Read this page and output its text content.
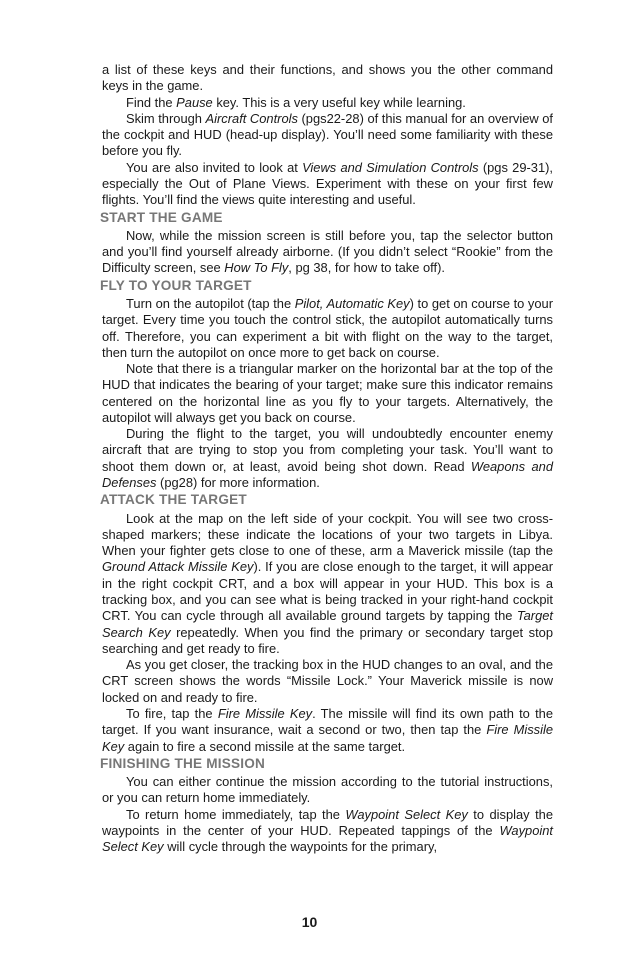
a list of these keys and their functions, and shows you the other command keys in the game.

Find the Pause key. This is a very useful key while learning.

Skim through Aircraft Controls (pgs22-28) of this manual for an overview of the cockpit and HUD (head-up display). You’ll need some familiarity with these before you fly.

You are also invited to look at Views and Simulation Controls (pgs 29-31), especially the Out of Plane Views. Experiment with these on your first few flights. You’ll find the views quite interesting and useful.

START THE GAME

Now, while the mission screen is still before you, tap the selector button and you’ll find yourself already airborne. (If you didn’t select “Rookie” from the Difficulty screen, see How To Fly, pg 38, for how to take off).

FLY TO YOUR TARGET

Turn on the autopilot (tap the Pilot, Automatic Key) to get on course to your target. Every time you touch the control stick, the autopilot automatically turns off. Therefore, you can experiment a bit with flight on the way to the target, then turn the autopilot on once more to get back on course.

Note that there is a triangular marker on the horizontal bar at the top of the HUD that indicates the bearing of your target; make sure this indicator remains centered on the horizontal line as you fly to your targets. Alternatively, the autopilot will always get you back on course.

During the flight to the target, you will undoubtedly encounter enemy aircraft that are trying to stop you from completing your task. You’ll want to shoot them down or, at least, avoid being shot down. Read Weapons and Defenses (pg28) for more information.

ATTACK THE TARGET

Look at the map on the left side of your cockpit. You will see two cross-shaped markers; these indicate the locations of your two targets in Libya. When your fighter gets close to one of these, arm a Maverick missile (tap the Ground Attack Missile Key). If you are close enough to the target, it will appear in the right cockpit CRT, and a box will appear in your HUD. This box is a tracking box, and you can see what is being tracked in your right-hand cockpit CRT. You can cycle through all available ground targets by tapping the Target Search Key repeatedly. When you find the primary or secondary target stop searching and get ready to fire.

As you get closer, the tracking box in the HUD changes to an oval, and the CRT screen shows the words “Missile Lock.” Your Maverick missile is now locked on and ready to fire.

To fire, tap the Fire Missile Key. The missile will find its own path to the target. If you want insurance, wait a second or two, then tap the Fire Missile Key again to fire a second missile at the same target.

FINISHING THE MISSION

You can either continue the mission according to the tutorial instructions, or you can return home immediately.

To return home immediately, tap the Waypoint Select Key to display the waypoints in the center of your HUD. Repeated tappings of the Waypoint Select Key will cycle through the waypoints for the primary,

10
